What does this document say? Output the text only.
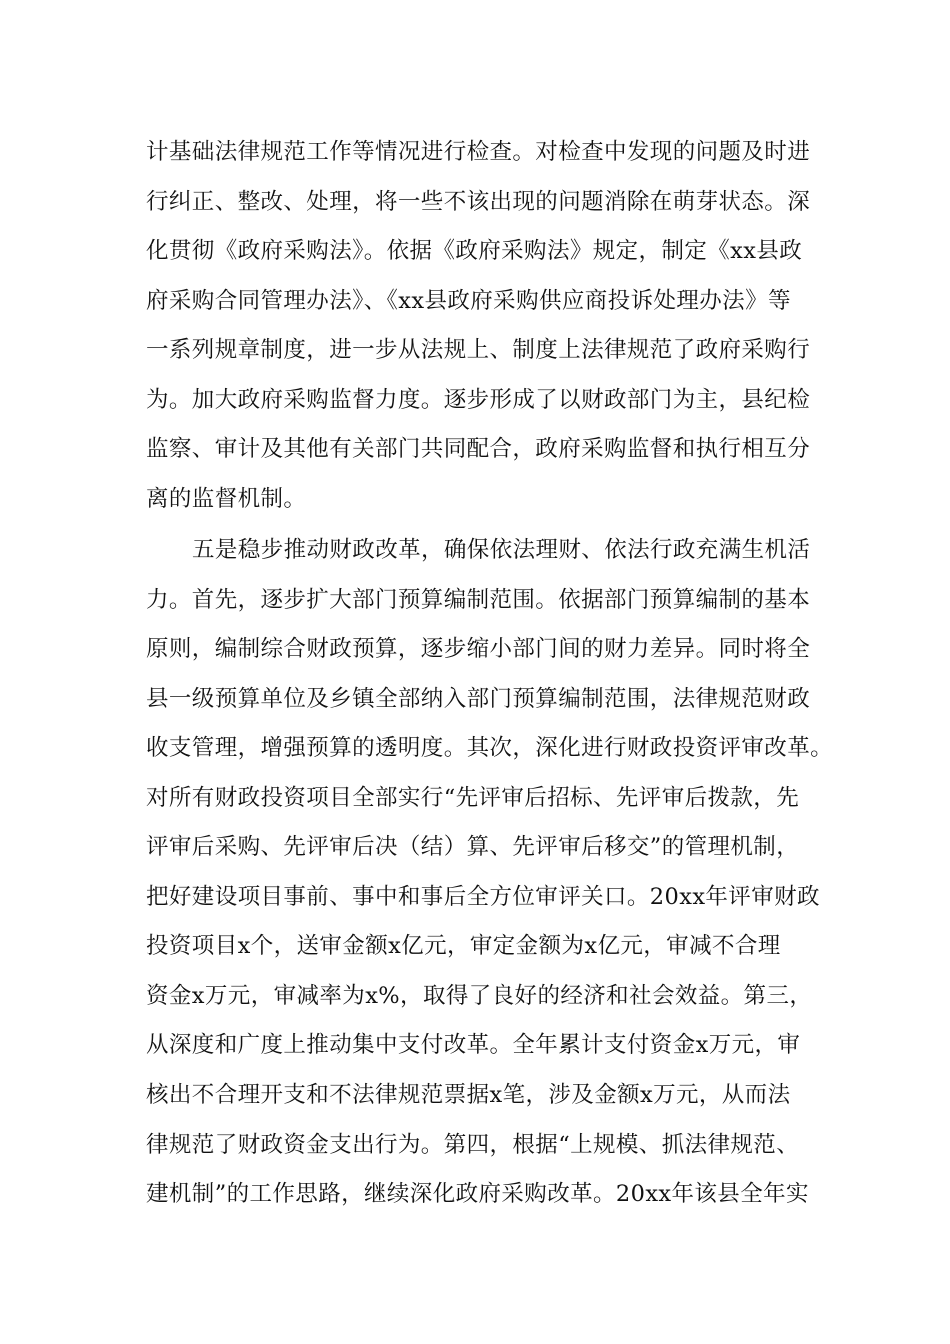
计基础法律规范工作等情况进行检查。对检查中发现的问题及时进
行纠正、整改、处理，将一些不该出现的问题消除在萌芽状态。深
化贯彻《政府采购法》。依据《政府采购法》规定，制定《xx县政
府采购合同管理办法》、《xx县政府采购供应商投诉处理办法》等
一系列规章制度，进一步从法规上、制度上法律规范了政府采购行
为。加大政府采购监督力度。逐步形成了以财政部门为主，县纪检
监察、审计及其他有关部门共同配合，政府采购监督和执行相互分
离的监督机制。
五是稳步推动财政改革，确保依法理财、依法行政充满生机活
力。首先，逐步扩大部门预算编制范围。依据部门预算编制的基本
原则，编制综合财政预算，逐步缩小部门间的财力差异。同时将全
县一级预算单位及乡镇全部纳入部门预算编制范围，法律规范财政
收支管理，增强预算的透明度。其次，深化进行财政投资评审改革。
对所有财政投资项目全部实行“先评审后招标、先评审后拨款，先
评审后采购、先评审后决（结）算、先评审后移交”的管理机制，
把好建设项目事前、事中和事后全方位审评关口。20xx年评审财政
投资项目x个，送审金额x亿元，审定金额为x亿元，审减不合理
资金x万元，审减率为x%，取得了良好的经济和社会效益。第三，
从深度和广度上推动集中支付改革。全年累计支付资金x万元，审
核出不合理开支和不法律规范票据x笔，涉及金额x万元，从而法
律规范了财政资金支出行为。第四，根据“上规模、抓法律规范、
建机制”的工作思路，继续深化政府采购改革。20xx年该县全年实
